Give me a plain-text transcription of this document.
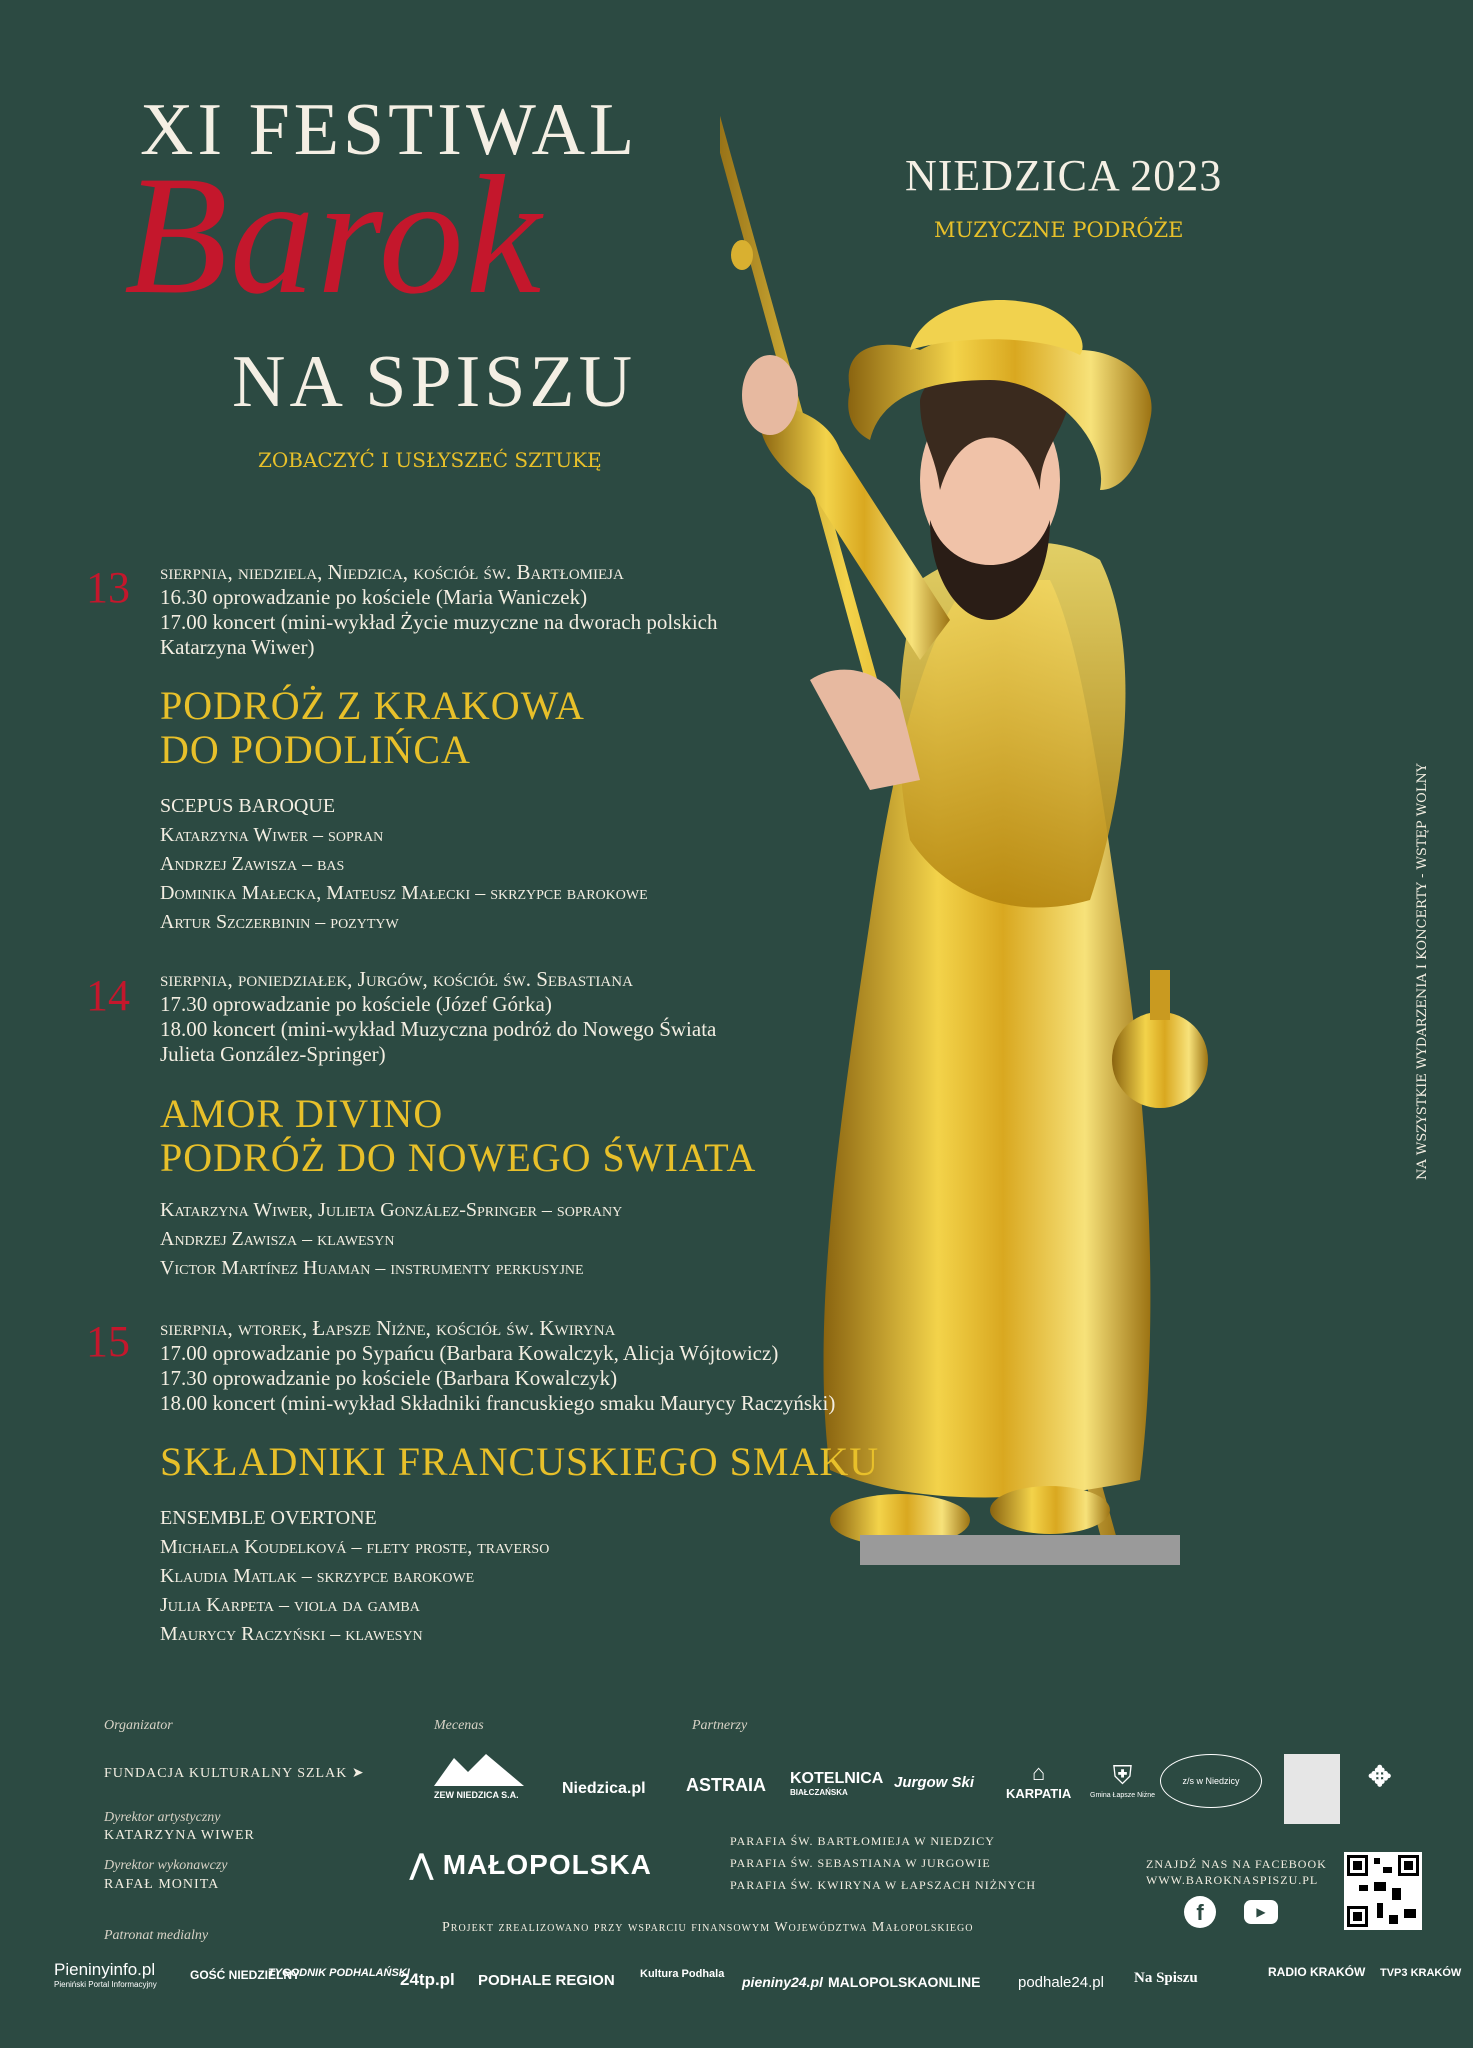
XI FESTIWAL
Barok
NA SPISZU
ZOBACZYĆ I USŁYSZEĆ SZTUKĘ
NIEDZICA 2023
MUZYCZNE PODRÓŻE
NA WSZYSTKIE WYDARZENIA I KONCERTY - WSTĘP WOLNY
13 sierpnia, niedziela, Niedzica, kościół św. Bartłomieja
16.30 oprowadzanie po kościele (Maria Waniczek)
17.00 koncert (mini-wykład Życie muzyczne na dworach polskich
Katarzyna Wiwer)
PODRÓŻ Z KRAKOWA
DO PODOLIŃCA
SCEPUS BAROQUE
Katarzyna Wiwer – sopran
Andrzej Zawisza – bas
Dominika Małecka, Mateusz Małecki – skrzypce barokowe
Artur Szczerbinin – pozytyw
14 sierpnia, poniedziałek, Jurgów, kościół św. Sebastiana
17.30 oprowadzanie po kościele (Józef Górka)
18.00 koncert (mini-wykład Muzyczna podróż do Nowego Świata
Julieta González-Springer)
AMOR DIVINO
PODRÓŻ DO NOWEGO ŚWIATA
Katarzyna Wiwer, Julieta González-Springer – soprany
Andrzej Zawisza – klawesyn
Victor Martínez Huaman – instrumenty perkusyjne
15 sierpnia, wtorek, Łapsze Niżne, kościół św. Kwiryna
17.00 oprowadzanie po Sypańcu (Barbara Kowalczyk, Alicja Wójtowicz)
17.30 oprowadzanie po kościele (Barbara Kowalczyk)
18.00 koncert (mini-wykład Składniki francuskiego smaku Maurycy Raczyński)
SKŁADNIKI FRANCUSKIEGO SMAKU
ENSEMBLE OVERTONE
Michaela Koudelková – flety proste, traverso
Klaudia Matlak – skrzypce barokowe
Julia Karpeta – viola da gamba
Maurycy Raczyński – klawesyn
Organizator
FUNDACJA KULTURALNY SZLAK ➤
Dyrektor artystyczny
KATARZYNA WIWER
Dyrektor wykonawczy
RAFAŁ MONITA
Patronat medialny
Mecenas	Partnerzy
ZEW NIEDZICA S.A.	Niedzica.pl
⋀ MAŁOPOLSKA
ASTRAIA KOTELNICA
BIAŁCZAŃSKA
Jurgow Ski	⌂
KARPATIA
⛨
Gmina Łapsze Niżne
z/s w Niedzicy	✥
PARAFIA ŚW. BARTŁOMIEJA W NIEDZICY
PARAFIA ŚW. SEBASTIANA W JURGOWIE
PARAFIA ŚW. KWIRYNA W ŁAPSZACH NIŻNYCH
ZNAJDŹ NAS NA FACEBOOK
WWW.BAROKNASPISZU.PL
f	▶
Projekt zrealizowano przy wsparciu finansowym Województwa Małopolskiego
Pieninyinfo.pl
Pieniński Portal Informacyjny
GOŚĆ NIEDZIELNY
TYGODNIK PODHALAŃSKI
24tp.pl PODHALE REGION Kultura Podhala pieniny24.pl MALOPOLSKAONLINE	podhale24.pl Na Spiszu	RADIO KRAKÓW TVP3 KRAKÓW
